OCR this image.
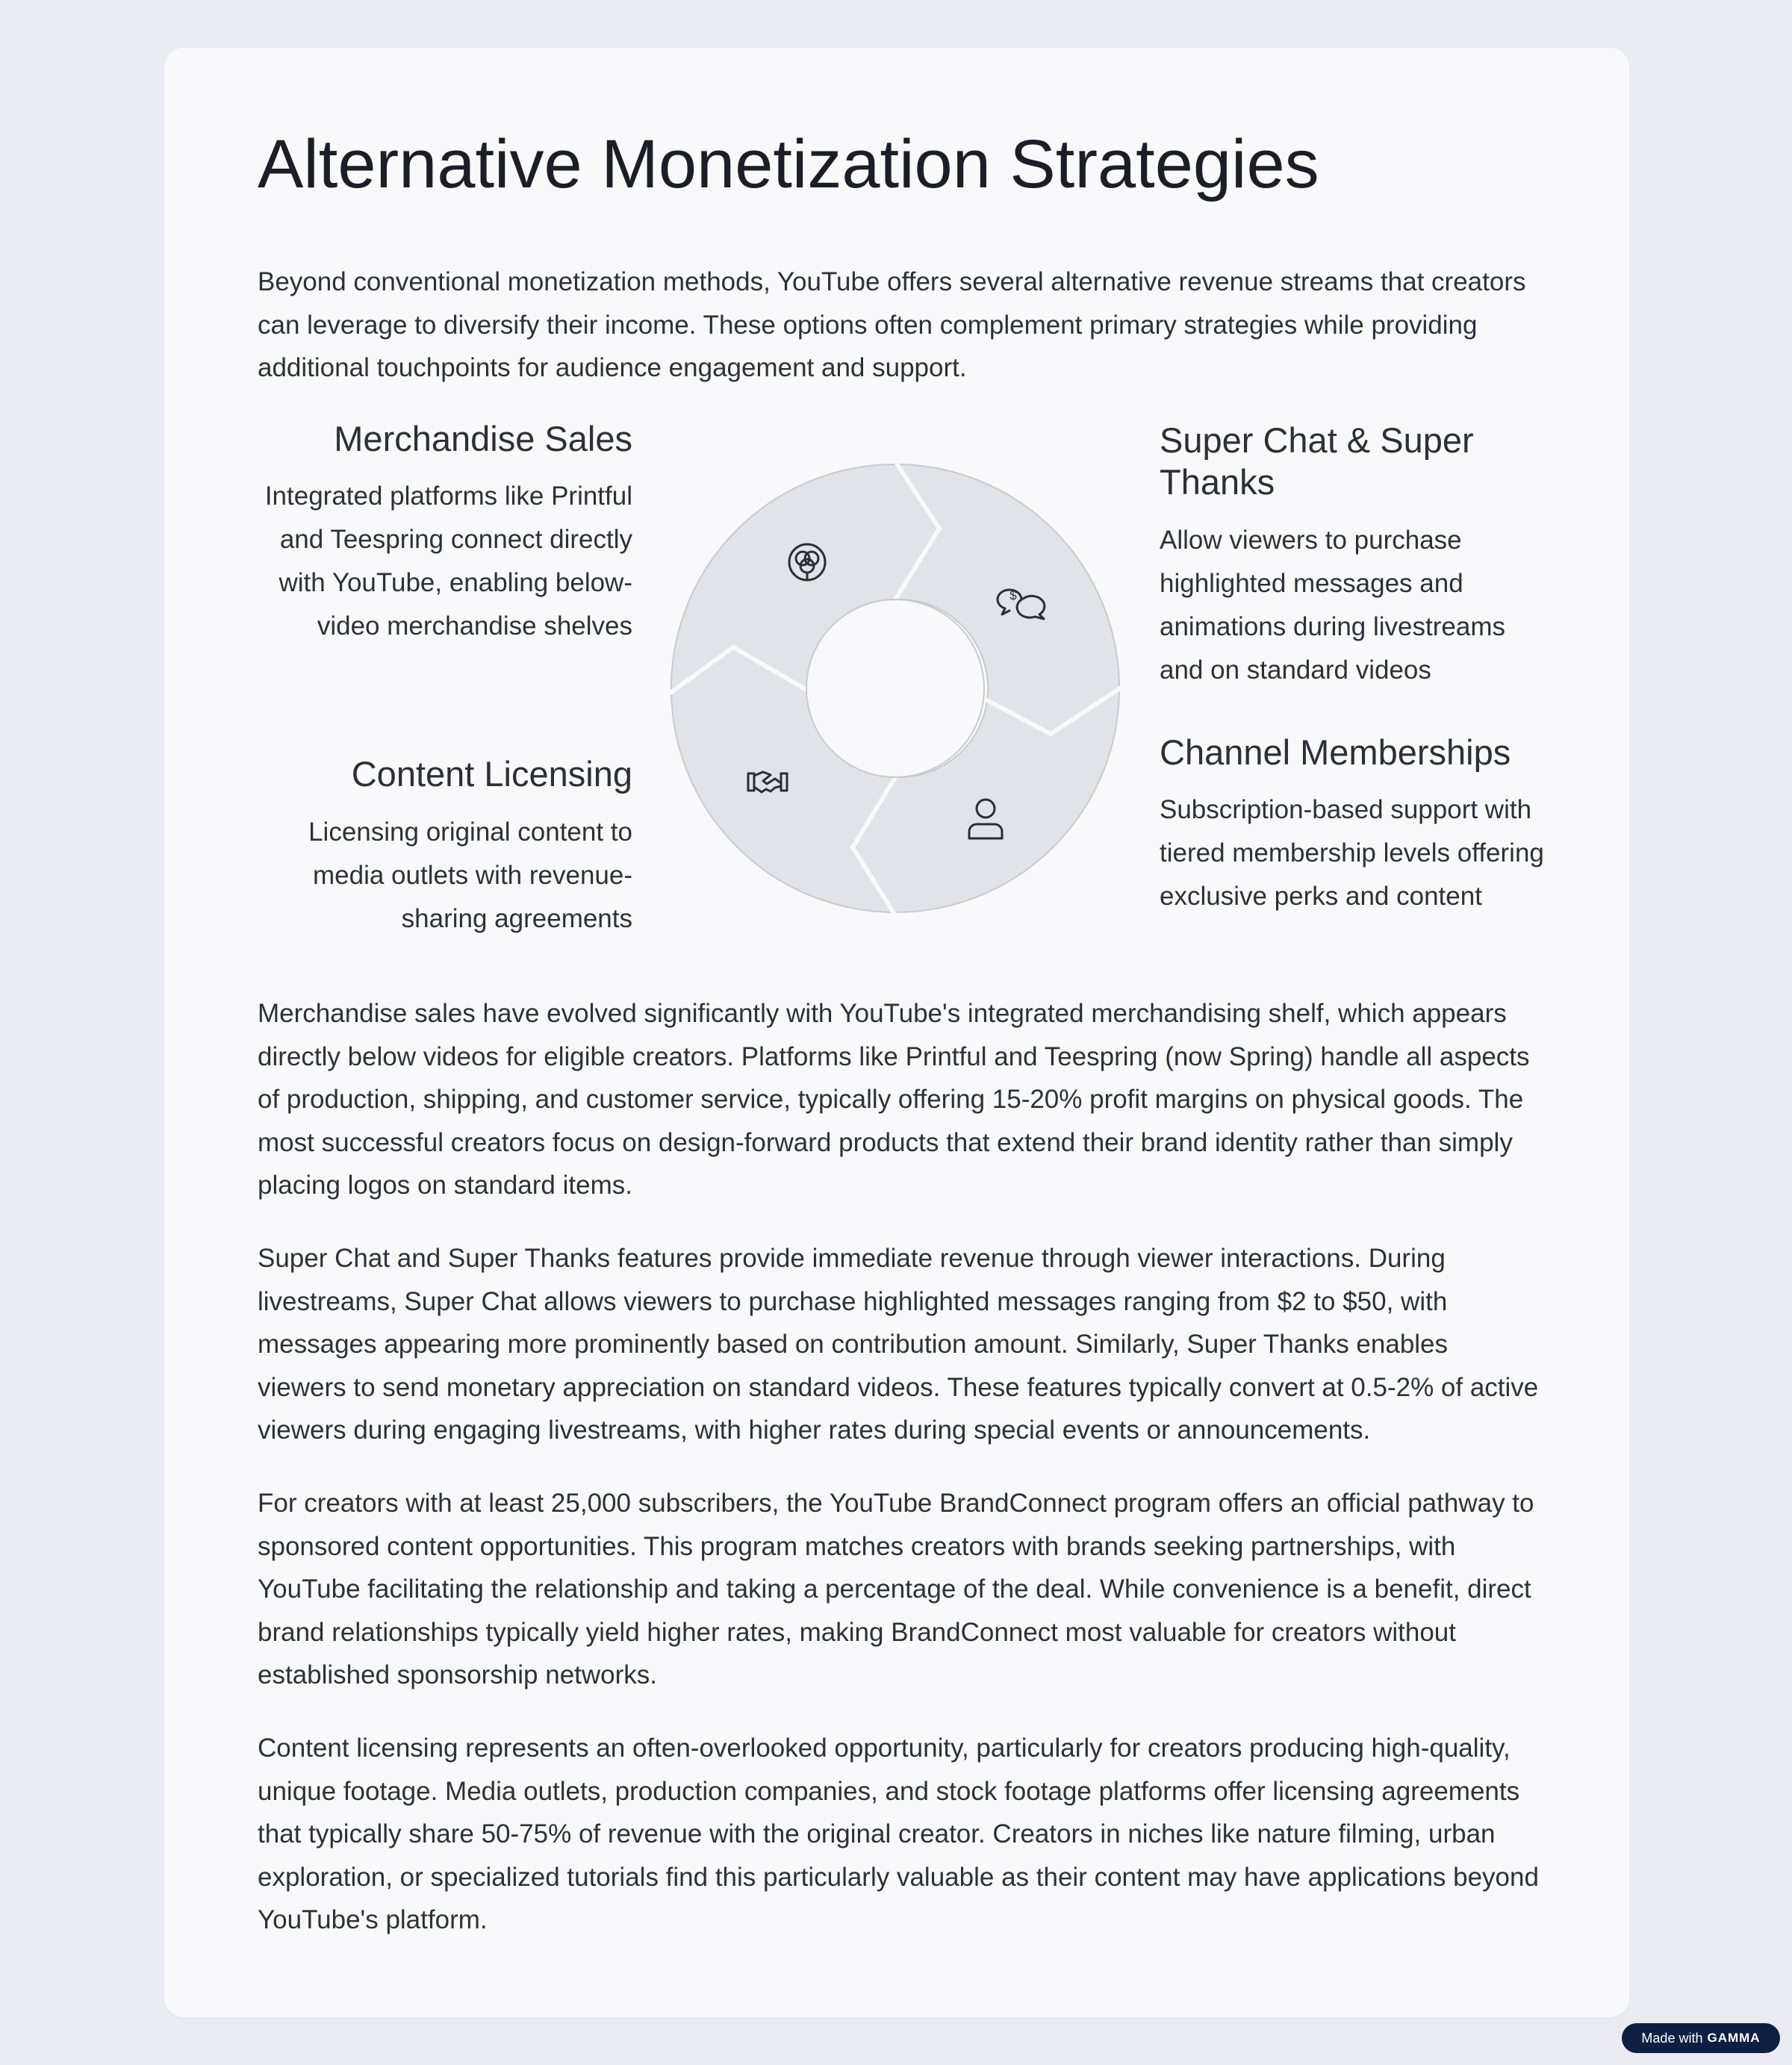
Alternative Monetization Strategies

Beyond conventional monetization methods, YouTube offers several alternative revenue streams that creators can leverage to diversify their income. These options often complement primary strategies while providing additional touchpoints for audience engagement and support.

Merchandise Sales

Integrated platforms like Printful and Teespring connect directly with YouTube, enabling below-video merchandise shelves

Content Licensing

Licensing original content to media outlets with revenue-sharing agreements

Super Chat & Super Thanks

Allow viewers to purchase highlighted messages and animations during livestreams and on standard videos

Channel Memberships

Subscription-based support with tiered membership levels offering exclusive perks and content

$

Merchandise sales have evolved significantly with YouTube's integrated merchandising shelf, which appears directly below videos for eligible creators. Platforms like Printful and Teespring (now Spring) handle all aspects of production, shipping, and customer service, typically offering 15-20% profit margins on physical goods. The most successful creators focus on design-forward products that extend their brand identity rather than simply placing logos on standard items.

Super Chat and Super Thanks features provide immediate revenue through viewer interactions. During livestreams, Super Chat allows viewers to purchase highlighted messages ranging from $2 to $50, with messages appearing more prominently based on contribution amount. Similarly, Super Thanks enables viewers to send monetary appreciation on standard videos. These features typically convert at 0.5-2% of active viewers during engaging livestreams, with higher rates during special events or announcements.

For creators with at least 25,000 subscribers, the YouTube BrandConnect program offers an official pathway to sponsored content opportunities. This program matches creators with brands seeking partnerships, with YouTube facilitating the relationship and taking a percentage of the deal. While convenience is a benefit, direct brand relationships typically yield higher rates, making BrandConnect most valuable for creators without established sponsorship networks.

Content licensing represents an often-overlooked opportunity, particularly for creators producing high-quality, unique footage. Media outlets, production companies, and stock footage platforms offer licensing agreements that typically share 50-75% of revenue with the original creator. Creators in niches like nature filming, urban exploration, or specialized tutorials find this particularly valuable as their content may have applications beyond YouTube's platform.

Made with GAMMA
